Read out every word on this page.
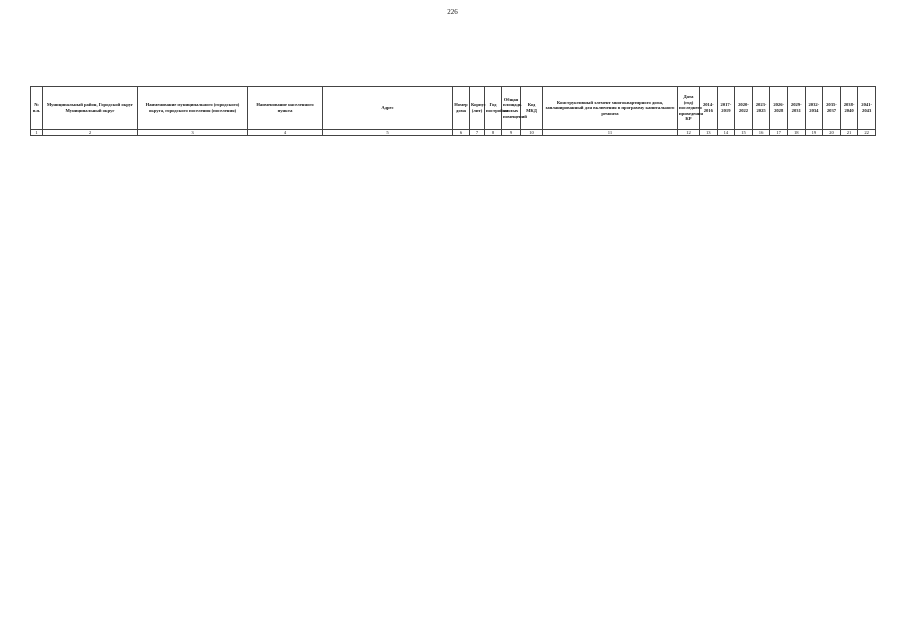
226
№ п.п.	Муниципальный район, Городской округ Муниципальный округ	Наименование муниципального (городского) округа, городского поселения (поселения)	Наименование населенного пункта	Адрес	Номер дома	Корпус (лит)	Год постройки	Общая площадь жилых помещений	Код МКД	Конструктивный элемент многоквартирного дома, запланированный для включения в программу капитального ремонта	Дата (год) последнего проведения КР	2014-2016	2017-2019	2020-2022	2023-2025	2026-2028	2029-2031	2032-2034	2035-2037	2038-2040	2041-2043
1	2	3	4	5	6	7	8	9	10	11	12	13	14	15	16	17	18	19	20	21	22
